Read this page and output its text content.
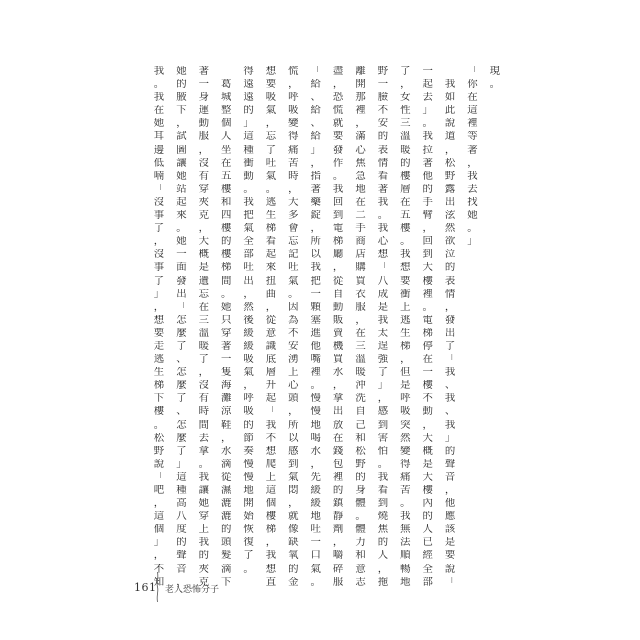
現
。
「
你
在
這
裡
等
著
，
我
去
找
她
。
」

我
如
此
說
道
，
松
野
露
出
泫
然
欲
泣
的
表
情
，
發
出
了
「
我
、
我
、
我
」
的
聲
音
，
他
應
該
是
要
說
「
一
起
去
」
。
我
拉
著
他
的
手
臂
，
回
到
大
樓
裡
。
電
梯
停
在
一
樓
不
動
，
大
概
是
大
樓
內
的
人
已
經
全
部
了
，
女
性
三
溫
暖
的
樓
層
在
五
樓
。
我
想
要
衝
上
逃
生
梯
，
但
是
呼
吸
突
然
變
得
痛
苦
。
我
無
法
順
暢
地
野
一
臉
不
安
的
表
情
看
著
我
。
我
心
想
「
八
成
是
我
太
逞
強
了
」
，
感
到
害
怕
。
我
看
到
燒
焦
的
人
，
拖
離
開
那
裡
，
滿
心
焦
急
地
在
二
手
商
店
購
買
衣
服
，
在
三
溫
暖
沖
洗
自
己
和
松
野
的
身
體
。
體
力
和
意
志
盡
，
恐
慌
就
要
發
作
。
我
回
到
電
梯
廳
，
從
自
動
販
賣
機
買
水
，
拿
出
放
在
錢
包
裡
的
鎮
靜
劑
，
嚼
碎
服
「
給
、
給
、
給
」
，
指
著
藥
錠
，
所
以
我
把
一
顆
塞
進
他
嘴
裡
。
慢
慢
地
喝
水
，
先
緩
緩
地
吐
一
口
氣
。
慌
，
呼
吸
變
得
痛
苦
時
，
大
多
會
忘
記
吐
氣
。
因
為
不
安
湧
上
心
頭
，
所
以
感
到
氣
悶
，
就
像
缺
氧
的
金
想
要
吸
氣
，
忘
了
吐
氣
。
逃
生
梯
看
起
來
扭
曲
，
從
意
識
底
層
升
起
「
我
不
想
爬
上
這
個
樓
梯
，
我
想
直
得
遠
遠
的
」
這
種
衝
動
。
我
把
氣
全
部
吐
出
，
然
後
緩
緩
吸
氣
，
呼
吸
的
節
奏
慢
慢
地
開
始
恢
復
了
。

葛
城
整
個
人
坐
在
五
樓
和
四
樓
的
樓
梯
間
。
她
只
穿
著
一
隻
海
灘
涼
鞋
，
水
滴
從
濕
漉
漉
的
頭
髮
滴
下
著
一
身
運
動
服
，
沒
有
穿
夾
克
，
大
概
是
遺
忘
在
三
溫
暖
了
，
沒
有
時
間
去
拿
。
我
讓
她
穿
上
我
的
夾
克
她
的
腋
下
，
試
圖
讓
她
站
起
來
。
她
一
面
發
出
「
怎
麼
了
、
怎
麼
了
、
怎
麼
了
」
這
種
高
八
度
的
聲
音
，
我
。
我
在
她
耳
邊
低
喃
「
沒
事
了
，
沒
事
了
」
，
想
要
走
逃
生
梯
下
樓
。
松
野
說
「
吧
，
這
個
」
，
不
知
161 老人恐怖分子
